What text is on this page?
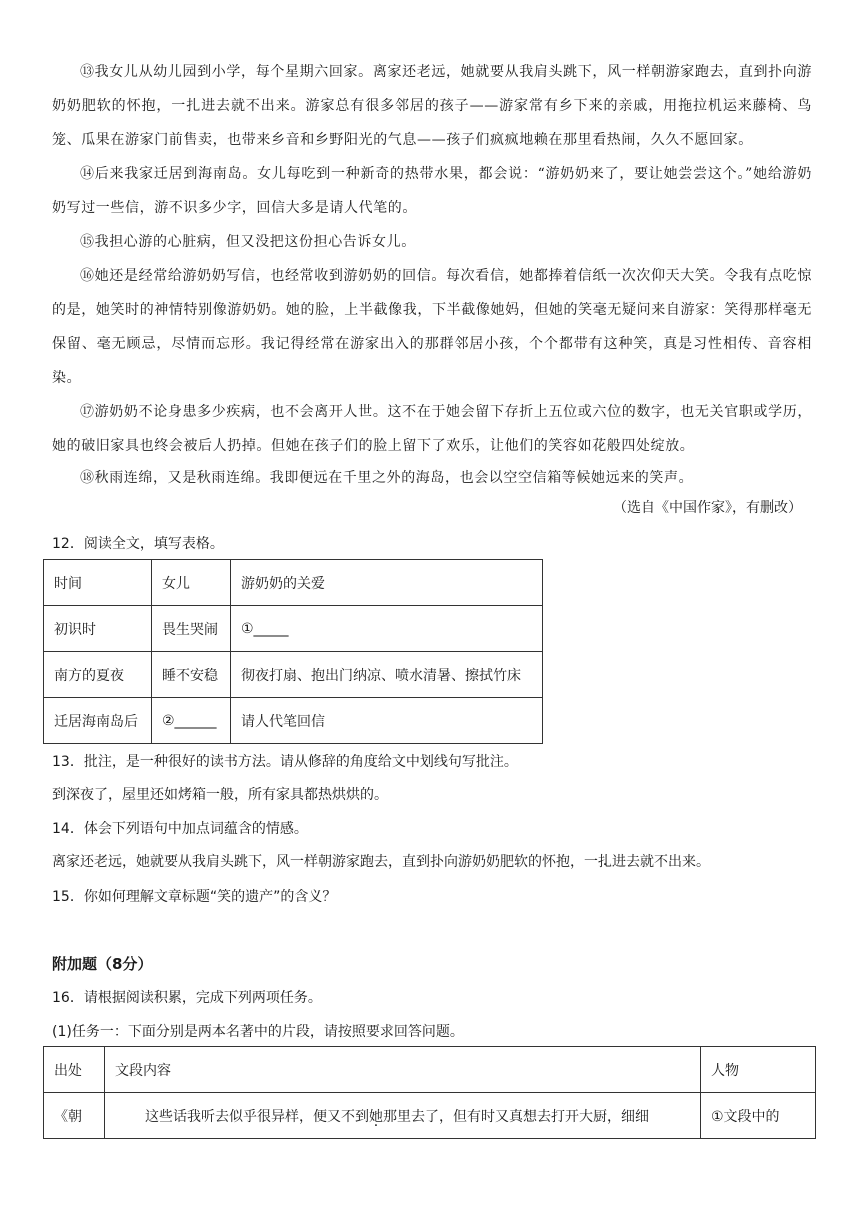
⑬我女儿从幼儿园到小学，每个星期六回家。离家还老远，她就要从我肩头跳下，风一样朝游家跑去，直到扑向游奶奶肥软的怀抱，一扎进去就不出来。游家总有很多邻居的孩子——游家常有乡下来的亲戚，用拖拉机运来藤椅、鸟笼、瓜果在游家门前售卖，也带来乡音和乡野阳光的气息——孩子们疯疯地赖在那里看热闹，久久不愿回家。

⑭后来我家迁居到海南岛。女儿每吃到一种新奇的热带水果，都会说：“游奶奶来了，要让她尝尝这个。”她给游奶奶写过一些信，游不识多少字，回信大多是请人代笔的。

⑮我担心游的心脏病，但又没把这份担心告诉女儿。

⑯她还是经常给游奶奶写信，也经常收到游奶奶的回信。每次看信，她都捧着信纸一次次仰天大笑。令我有点吃惊的是，她笑时的神情特别像游奶奶。她的脸，上半截像我，下半截像她妈，但她的笑毫无疑问来自游家：笑得那样毫无保留、毫无顾忌，尽情而忘形。我记得经常在游家出入的那群邻居小孩，个个都带有这种笑，真是习性相传、音容相染。

⑰游奶奶不论身患多少疾病，也不会离开人世。这不在于她会留下存折上五位或六位的数字，也无关官职或学历，她的破旧家具也终会被后人扔掉。但她在孩子们的脸上留下了欢乐，让他们的笑容如花般四处绽放。

⑱秋雨连绵，又是秋雨连绵。我即便远在千里之外的海岛，也会以空空信箱等候她远来的笑声。

（选自《中国作家》，有删改）

12．阅读全文，填写表格。

时间	女儿	游奶奶的关爱
初识时	畏生哭闹	①_____
南方的夏夜	睡不安稳	彻夜打扇、抱出门纳凉、喷水清暑、擦拭竹床
迁居海南岛后	②______	请人代笔回信

13．批注，是一种很好的读书方法。请从修辞的角度给文中划线句写批注。

到深夜了，屋里还如烤箱一般，所有家具都热烘烘的。

14．体会下列语句中加点词蕴含的情感。

离家还老远，她就要从我肩头跳下，风一样朝游家跑去，直到扑 ·向游奶奶肥软的怀抱，一扎 ·进去就不出来。

15．你如何理解文章标题“笑的遗产”的含义？

附加题（8分）

16．请根据阅读积累，完成下列两项任务。

(1)任务一：下面分别是两本名著中的片段，请按照要求回答问题。

出处	文段内容	人物
《朝	这些话我听去似乎很异样，便又不到她那里去了，但有时又真想去打开大厨，细细	①文段中的
